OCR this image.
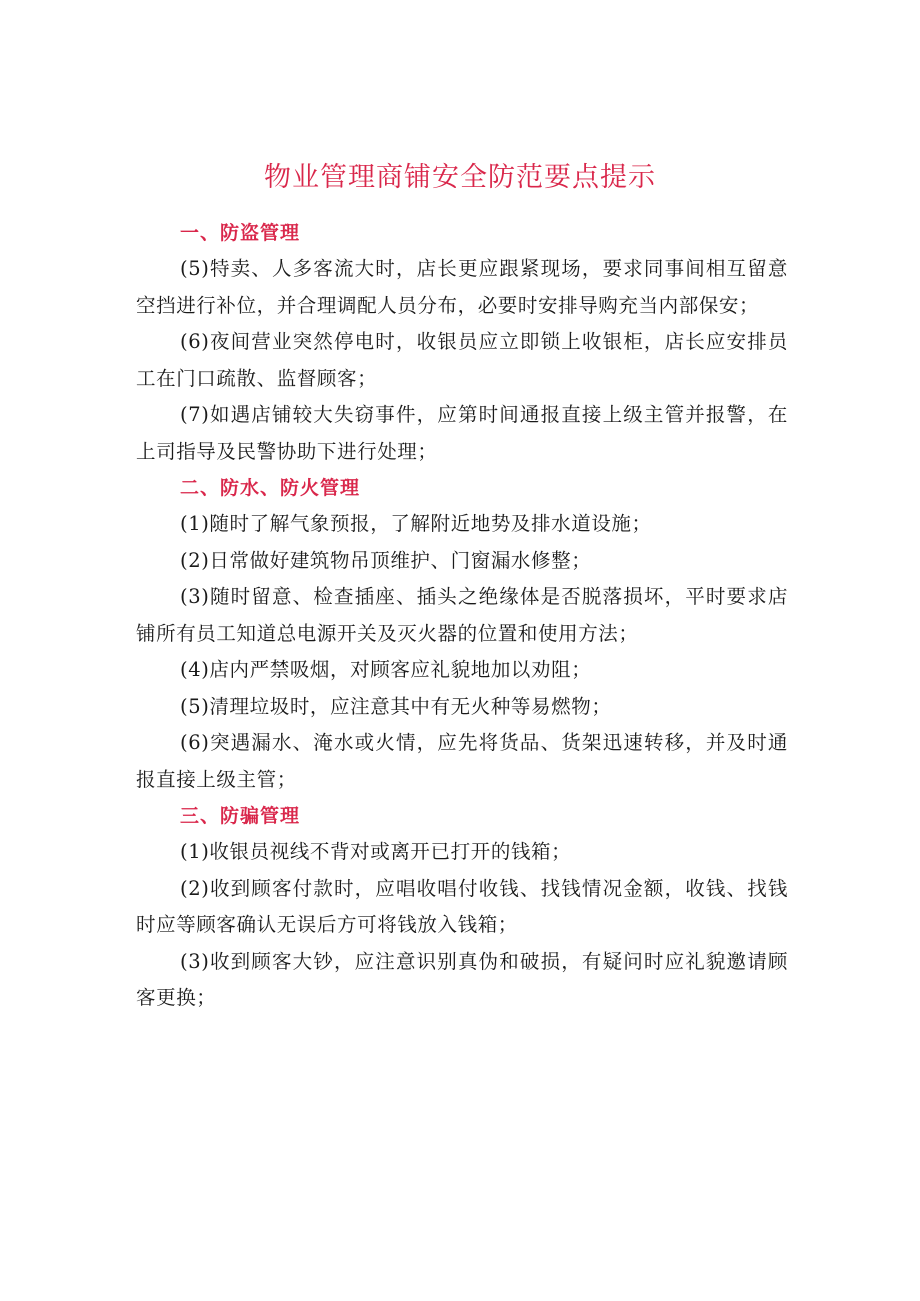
物业管理商铺安全防范要点提示

一、防盗管理

(5)特卖、人多客流大时，店长更应跟紧现场，要求同事间相互留意空挡进行补位，并合理调配人员分布，必要时安排导购充当内部保安；

(6)夜间营业突然停电时，收银员应立即锁上收银柜，店长应安排员工在门口疏散、监督顾客；

(7)如遇店铺较大失窃事件，应第时间通报直接上级主管并报警，在上司指导及民警协助下进行处理；

二、防水、防火管理

(1)随时了解气象预报，了解附近地势及排水道设施；

(2)日常做好建筑物吊顶维护、门窗漏水修整；

(3)随时留意、检查插座、插头之绝缘体是否脱落损坏，平时要求店铺所有员工知道总电源开关及灭火器的位置和使用方法；

(4)店内严禁吸烟，对顾客应礼貌地加以劝阻；

(5)清理垃圾时，应注意其中有无火种等易燃物；

(6)突遇漏水、淹水或火情，应先将货品、货架迅速转移，并及时通报直接上级主管；

三、防骗管理

(1)收银员视线不背对或离开已打开的钱箱；

(2)收到顾客付款时，应唱收唱付收钱、找钱情况金额，收钱、找钱时应等顾客确认无误后方可将钱放入钱箱；

(3)收到顾客大钞，应注意识别真伪和破损，有疑问时应礼貌邀请顾客更换；
